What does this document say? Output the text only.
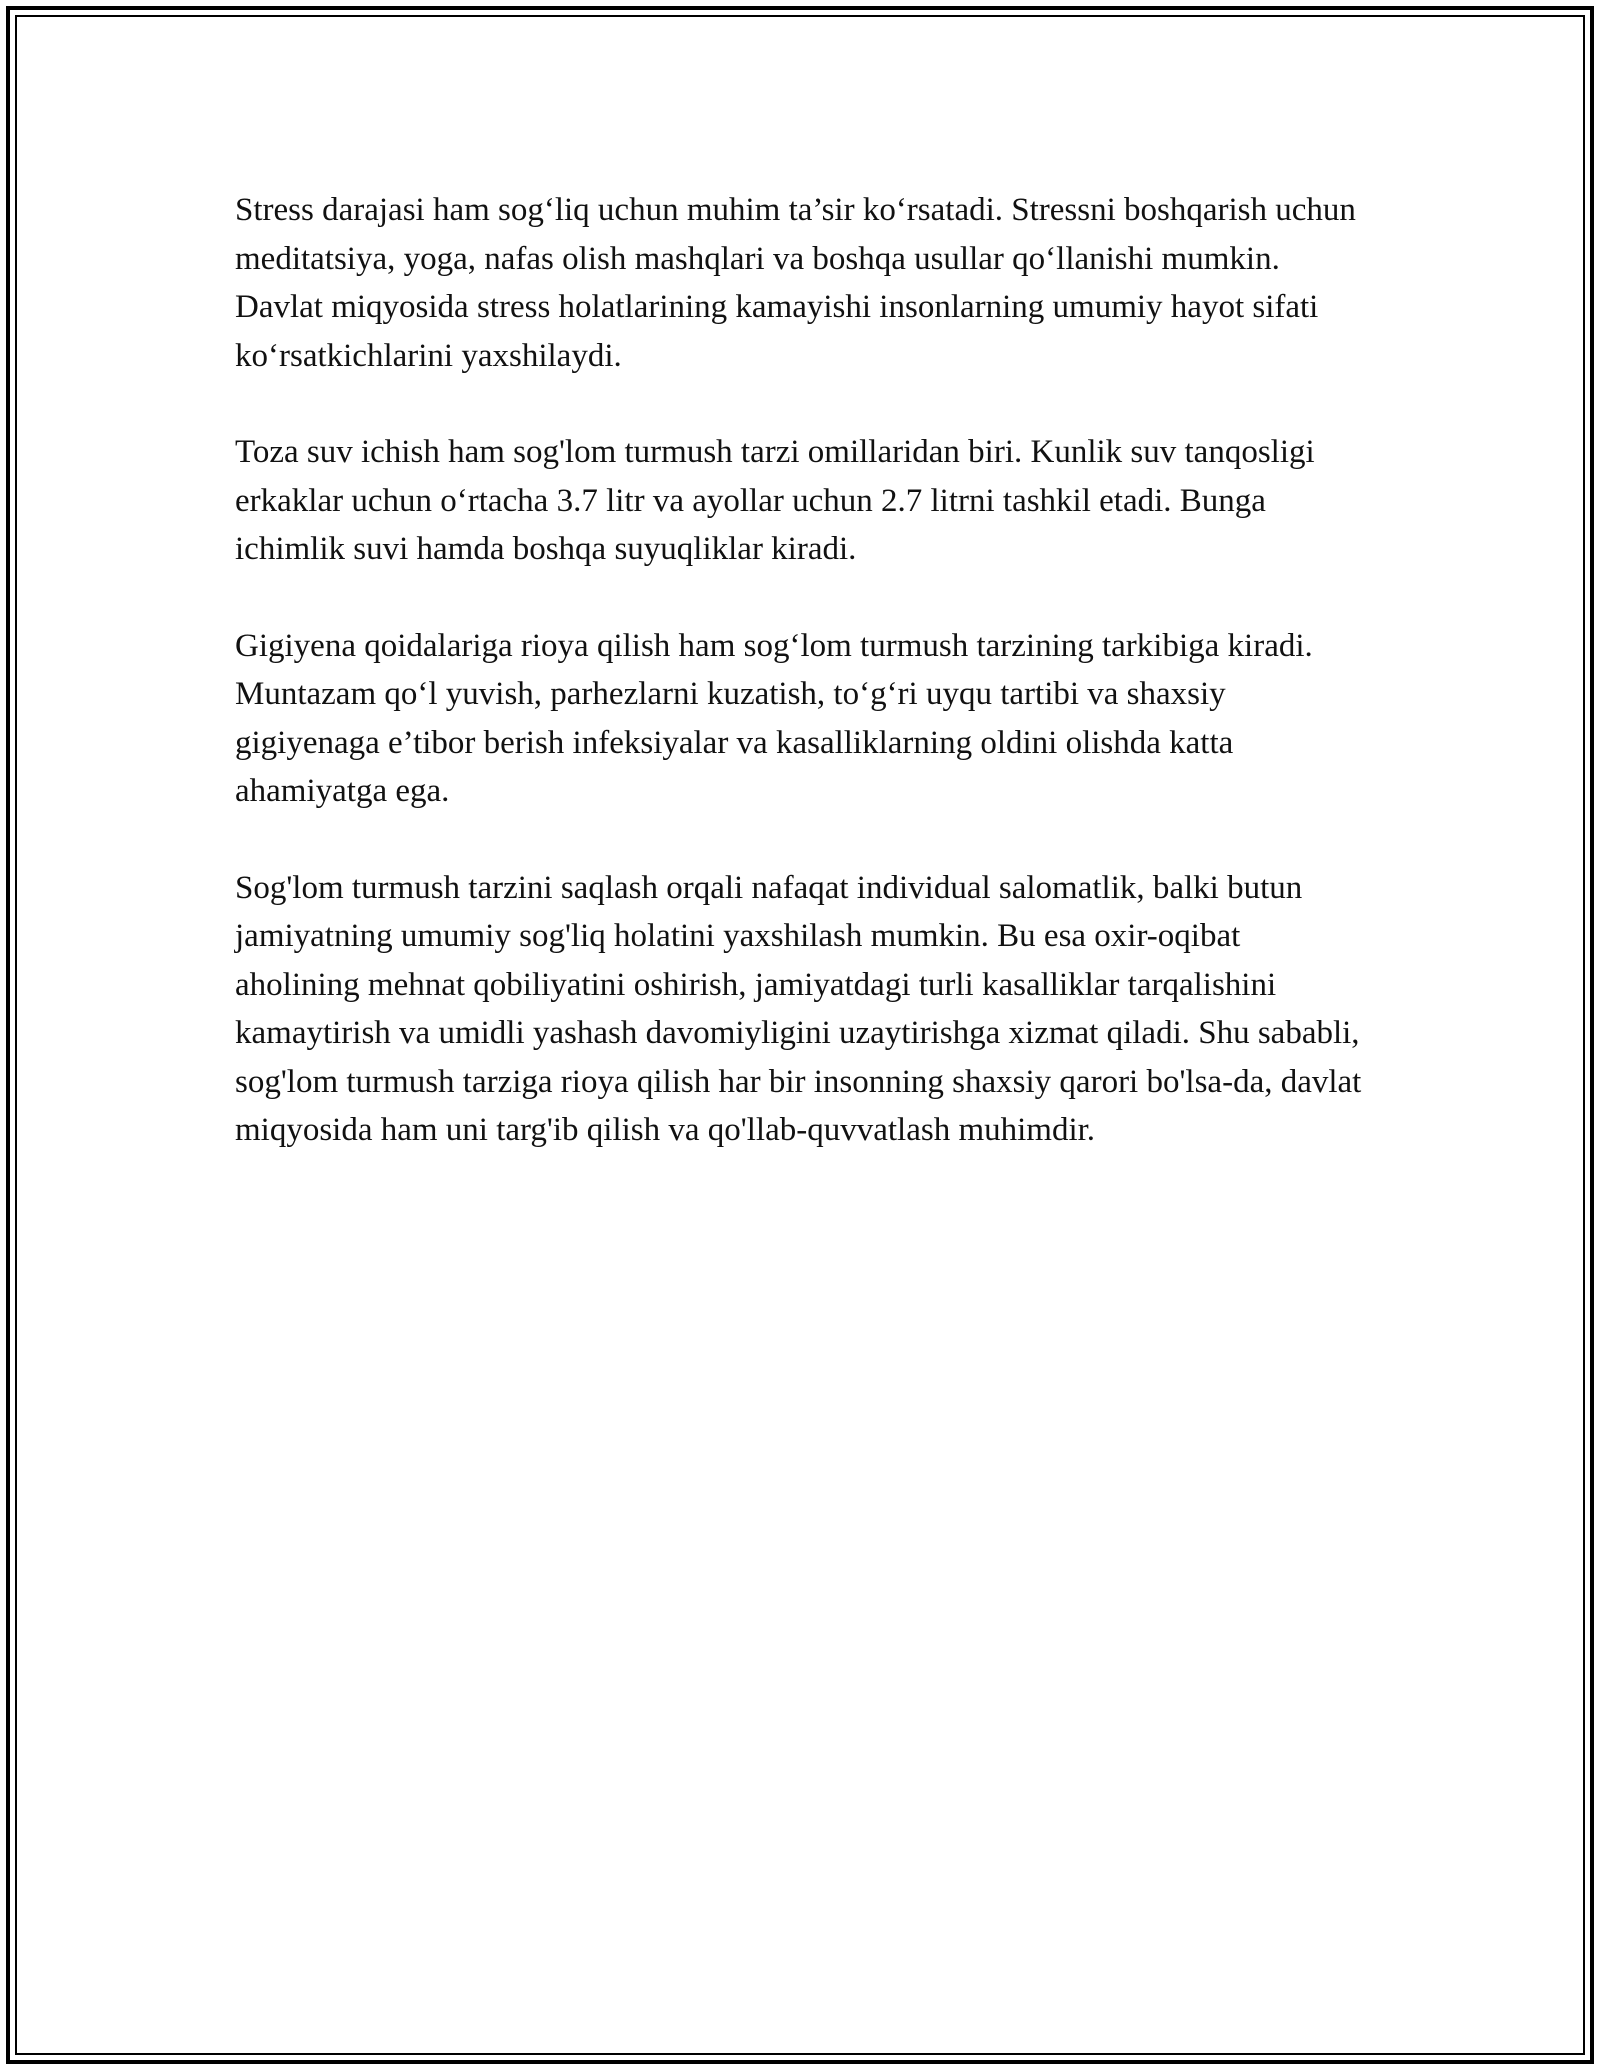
Stress darajasi ham sog‘liq uchun muhim ta’sir ko‘rsatadi. Stressni boshqarish uchun meditatsiya, yoga, nafas olish mashqlari va boshqa usullar qo‘llanishi mumkin. Davlat miqyosida stress holatlarining kamayishi insonlarning umumiy hayot sifati ko‘rsatkichlarini yaxshilaydi.

Toza suv ichish ham sog'lom turmush tarzi omillaridan biri. Kunlik suv tanqosligi erkaklar uchun o‘rtacha 3.7 litr va ayollar uchun 2.7 litrni tashkil etadi. Bunga ichimlik suvi hamda boshqa suyuqliklar kiradi.

Gigiyena qoidalariga rioya qilish ham sog‘lom turmush tarzining tarkibiga kiradi. Muntazam qo‘l yuvish, parhezlarni kuzatish, to‘g‘ri uyqu tartibi va shaxsiy gigiyenaga e’tibor berish infeksiyalar va kasalliklarning oldini olishda katta ahamiyatga ega.

Sog'lom turmush tarzini saqlash orqali nafaqat individual salomatlik, balki butun jamiyatning umumiy sog'liq holatini yaxshilash mumkin. Bu esa oxir-oqibat aholining mehnat qobiliyatini oshirish, jamiyatdagi turli kasalliklar tarqalishini kamaytirish va umidli yashash davomiyligini uzaytirishga xizmat qiladi. Shu sababli, sog'lom turmush tarziga rioya qilish har bir insonning shaxsiy qarori bo'lsa-da, davlat miqyosida ham uni targ'ib qilish va qo'llab-quvvatlash muhimdir.
